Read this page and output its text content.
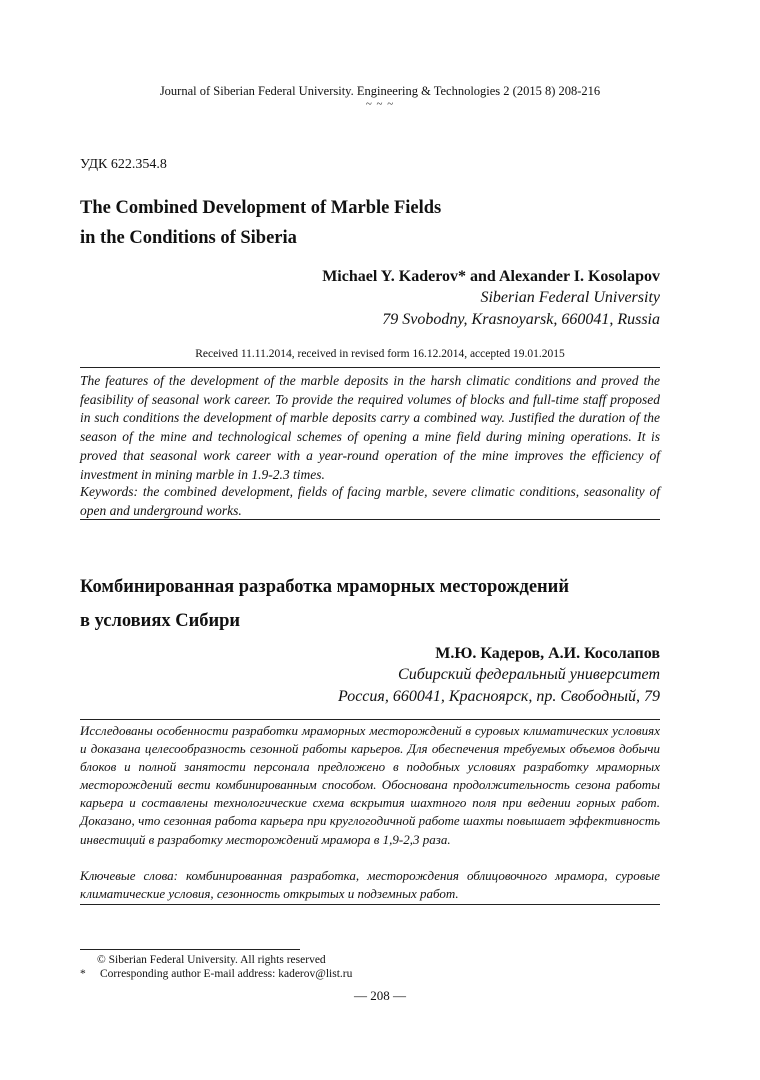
Journal of Siberian Federal University. Engineering & Technologies 2 (2015 8) 208-216
~ ~ ~
УДК 622.354.8
The Combined Development of Marble Fields
in the Conditions of Siberia
Michael Y. Kaderov* and Alexander I. Kosolapov
Siberian Federal University
79 Svobodny, Krasnoyarsk, 660041, Russia
Received 11.11.2014, received in revised form 16.12.2014, accepted 19.01.2015

The features of the development of the marble deposits in the harsh climatic conditions and proved the feasibility of seasonal work career. To provide the required volumes of blocks and full-time staff proposed in such conditions the development of marble deposits carry a combined way. Justified the duration of the season of the mine and technological schemes of opening a mine field during mining operations. It is proved that seasonal work career with a year-round operation of the mine improves the efficiency of investment in mining marble in 1.9-2.3 times.

Keywords: the combined development, fields of facing marble, severe climatic conditions, seasonality of open and underground works.

Комбинированная разработка мраморных месторождений
в условиях Сибири
М.Ю. Кадеров, А.И. Косолапов
Сибирский федеральный университет
Россия, 660041, Красноярск, пр. Свободный, 79

Исследованы особенности разработки мраморных месторождений в суровых климатических условиях и доказана целесообразность сезонной работы карьеров. Для обеспечения требуемых объемов добычи блоков и полной занятости персонала предложено в подобных условиях разработку мраморных месторождений вести комбинированным способом. Обоснована продолжительность сезона работы карьера и составлены технологические схема вскрытия шахтного поля при ведении горных работ. Доказано, что сезонная работа карьера при круглогодичной работе шахты повышает эффективность инвестиций в разработку месторождений мрамора в 1,9-2,3 раза.

Ключевые слова: комбинированная разработка, месторождения облицовочного мрамора, суровые климатические условия, сезонность открытых и подземных работ.

© Siberian Federal University. All rights reserved
* Corresponding author E-mail address: kaderov@list.ru
— 208 —
